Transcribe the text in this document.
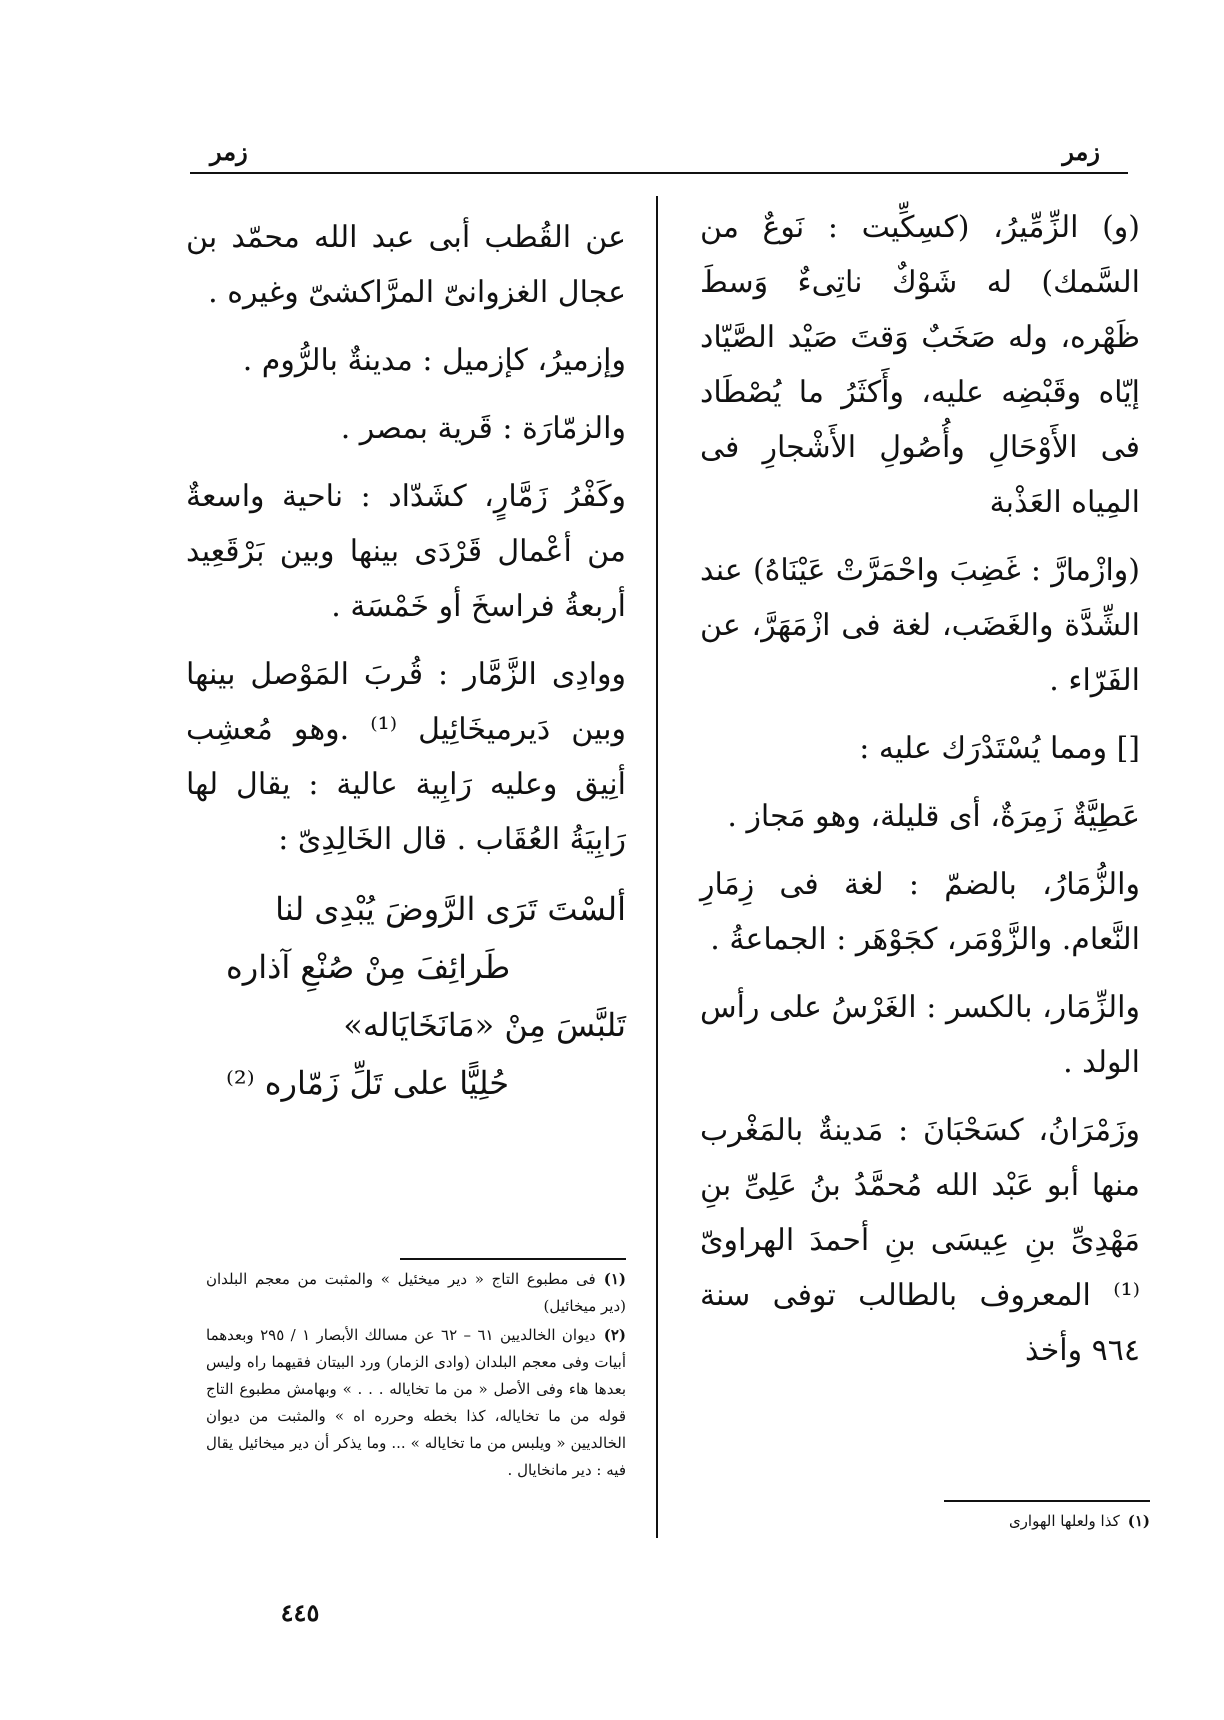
زمر
زمر

(و) الزِّمِّيرُ، (كسِكِّيت : نَوعٌ من السَّمك) له شَوْكٌ ناتِىءٌ وَسطَ ظَهْره، وله صَخَبٌ وَقتَ صَيْد الصَّيّاد إيّاه وقَبْضِه عليه، وأَكثَرُ ما يُصْطَاد فى الأَوْحَالِ وأُصُولِ الأَشْجارِ فى المِياه العَذْبة

(وازْمارَّ : غَضِبَ واحْمَرَّتْ عَيْنَاهُ) عند الشِّدَّة والغَضَب، لغة فى ازْمَهَرَّ، عن الفَرّاء .

[] ومما يُسْتَدْرَك عليه :

عَطِيَّةٌ زَمِرَةٌ، أى قليلة، وهو مَجاز .

والزُّمَارُ، بالضمّ : لغة فى زِمَارِ النَّعام. والزَّوْمَر، كجَوْهَر : الجماعةُ .

والزِّمَار، بالكسر : الغَرْسُ على رأس الولد .

وزَمْرَانُ، كسَحْبَانَ : مَدينةٌ بالمَغْرب منها أبو عَبْد الله مُحمَّدُ بنُ عَلِىِّ بنِ مَهْدِىِّ بنِ عِيسَى بنِ أحمدَ الهراوىّ ⁽¹⁾ المعروف بالطالب توفى سنة ٩٦٤ وأخذ

(١)كذا ولعلها الهوارى

عن القُطب أبى عبد الله محمّد بن عجال الغزوانىّ المرَّاكشىّ وغيره .

وإزميرُ، كإزميل : مدينةٌ بالرُّوم .

والزمّارَة : قَرية بمصر .

وكَفْرُ زَمَّارٍ، كشَدّاد : ناحية واسعةٌ من أعْمال قَرْدَى بينها وبين بَرْقَعِيد أربعةُ فراسخَ أو خَمْسَة .

ووادِى الزَّمَّار : قُربَ المَوْصل بينها وبين دَيرميخَائِيل ⁽¹⁾ .وهو مُعشِب أنِيق وعليه رَابِية عالية : يقال لها رَابِيَةُ العُقَاب . قال الخَالِدِىّ :

ألسْتَ تَرَى الرَّوضَ يُبْدِى لنا
طَرائِفَ مِنْ صُنْعِ آذاره
تَلبَّسَ مِنْ «مَانَخَايَاله»
حُلِيًّا على تَلِّ زَمّاره ⁽²⁾

(١)فى مطبوع التاج « دير ميخئيل » والمثبت من معجم البلدان (دير ميخائيل)

(٢)ديوان الخالديين ٦١ – ٦٢ عن مسالك الأبصار ١ / ٢٩٥ وبعدهما أبيات وفى معجم البلدان (وادى الزمار) ورد البيتان فقيهما راه وليس بعدها هاء وفى الأصل « من ما تخاياله . . . » وبهامش مطبوع التاج قوله من ما تخاياله، كذا بخطه وحرره اه » والمثبت من ديوان الخالديين « ويلبس من ما تخاياله » ... وما يذكر أن دير ميخائيل يقال فيه : دير مانخايال .

٤٤٥
